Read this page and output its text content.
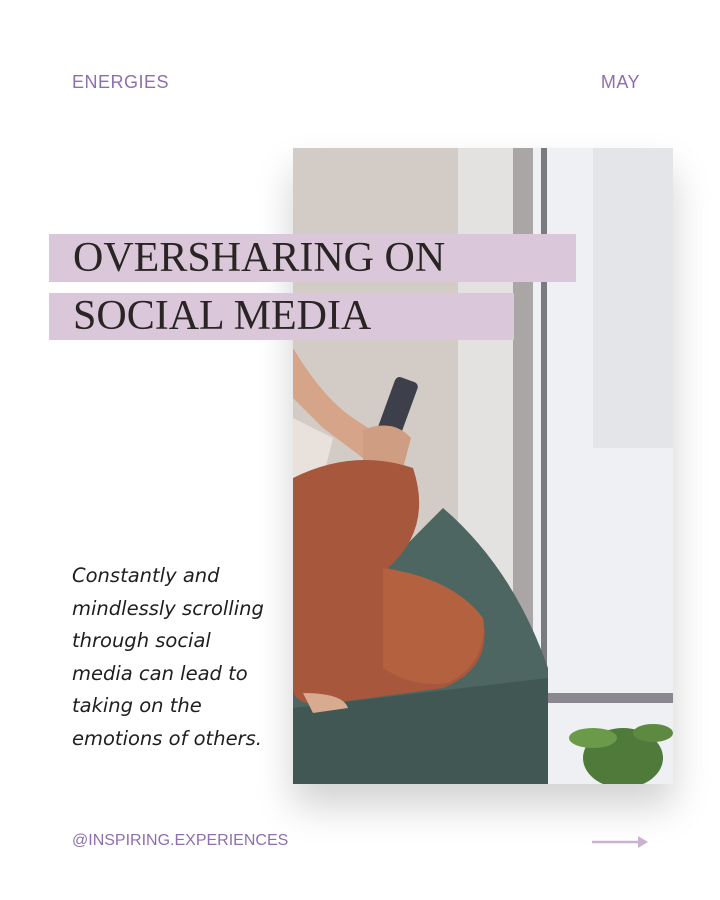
ENERGIES	MAY
OVERSHARING ON
SOCIAL MEDIA
Constantly and mindlessly scrolling through social media can lead to taking on the emotions of others.
@INSPIRING.EXPERIENCES
